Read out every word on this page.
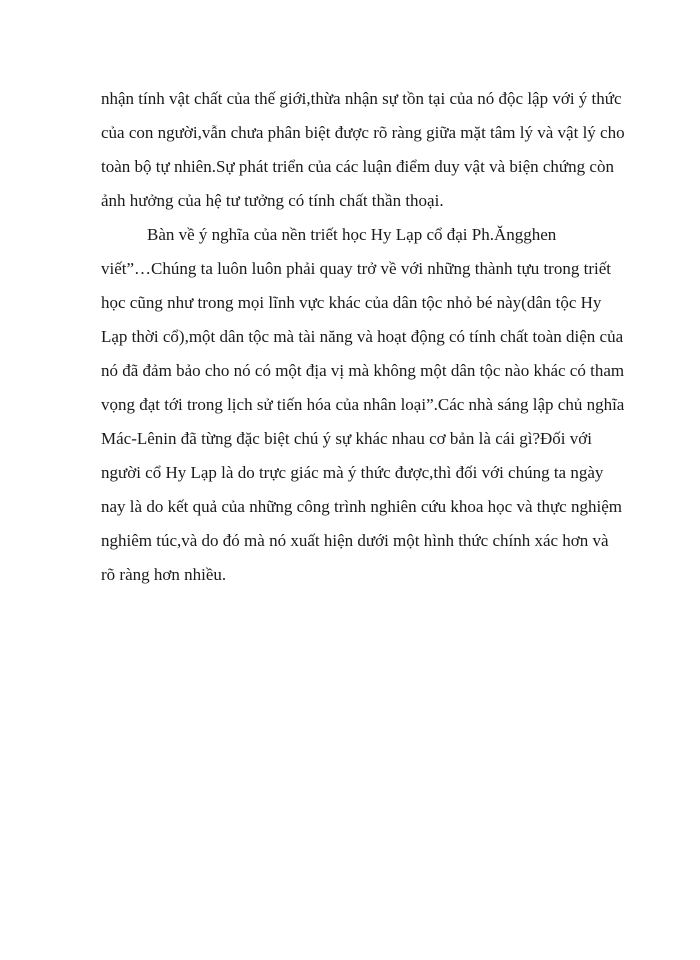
nhận tính vật chất của thế giới,thừa nhận sự tồn tại của nó độc lập với ý thức
của con người,vẫn chưa phân biệt được rõ ràng giữa mặt tâm lý và vật lý cho
toàn bộ tự nhiên.Sự phát triển của các luận điểm duy vật và biện chứng còn
ảnh hưởng của hệ tư tưởng có tính chất thần thoại.
Bàn về ý nghĩa của nền triết học Hy Lạp cổ đại Ph.Ăngghen
viết”…Chúng ta luôn luôn phải quay trở về với những thành tựu trong triết
học cũng như trong mọi lĩnh vực khác của dân tộc nhỏ bé này(dân tộc Hy
Lạp thời cổ),một dân tộc mà tài năng và hoạt động có tính chất toàn diện của
nó đã đảm bảo cho nó có một địa vị mà không một dân tộc nào khác có tham
vọng đạt tới trong lịch sử tiến hóa của nhân loại”.Các nhà sáng lập chủ nghĩa
Mác-Lênin đã từng đặc biệt chú ý sự khác nhau cơ bản là cái gì?Đối với
người cổ Hy Lạp là do trực giác mà ý thức được,thì đối với chúng ta ngày
nay là do kết quả của những công trình nghiên cứu khoa học và thực nghiệm
nghiêm túc,và do đó mà nó xuất hiện dưới một hình thức chính xác hơn và
rõ ràng hơn nhiều.
